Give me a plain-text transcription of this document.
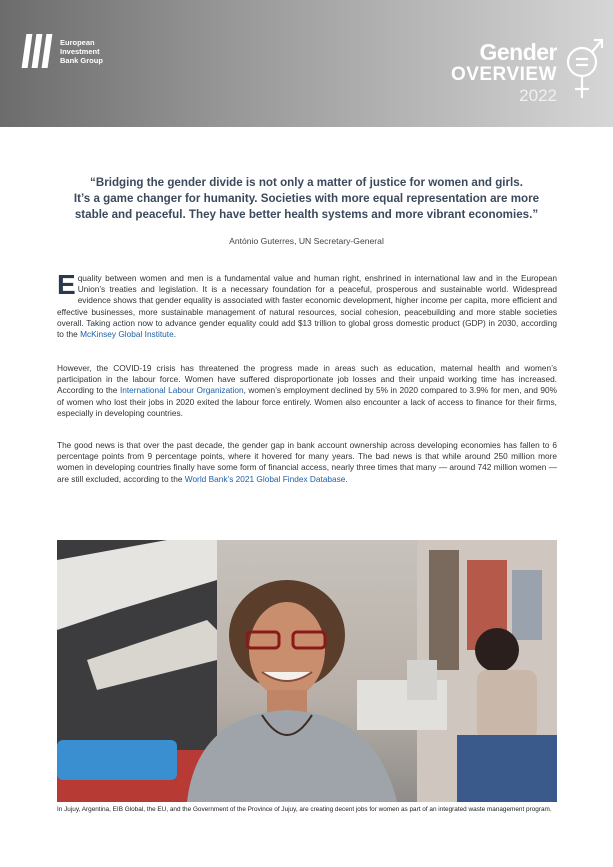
European
Investment
Bank Group	Gender
OVERVIEW
2022
“Bridging the gender divide is not only a matter of justice for women and girls.
It’s a game changer for humanity. Societies with more equal representation are more
stable and peaceful. They have better health systems and more vibrant economies.”
António Guterres, UN Secretary-General
Equality between women and men is a fundamental value and human right, enshrined in international law and in the European Union’s treaties and legislation. It is a necessary foundation for a peaceful, prosperous and sustainable world. Widespread evidence shows that gender equality is associated with faster economic development, higher income per capita, more efficient and effective businesses, more sustainable management of natural resources, social cohesion, peacebuilding and more stable societies overall. Taking action now to advance gender equality could add $13 trillion to global gross domestic product (GDP) in 2030, according to the McKinsey Global Institute.
However, the COVID-19 crisis has threatened the progress made in areas such as education, maternal health and women’s participation in the labour force. Women have suffered disproportionate job losses and their unpaid working time has increased. According to the International Labour Organization, women’s employment declined by 5% in 2020 compared to 3.9% for men, and 90% of women who lost their jobs in 2020 exited the labour force entirely. Women also encounter a lack of access to finance for their firms, especially in developing countries.
The good news is that over the past decade, the gender gap in bank account ownership across developing economies has fallen to 6 percentage points from 9 percentage points, where it hovered for many years. The bad news is that while around 250 million more women in developing countries finally have some form of financial access, nearly three times that many — around 742 million women — are still excluded, according to the World Bank’s 2021 Global Findex Database.
In Jujuy, Argentina, EIB Global, the EU, and the Government of the Province of Jujuy, are creating decent jobs for women as part of an integrated waste management program.
